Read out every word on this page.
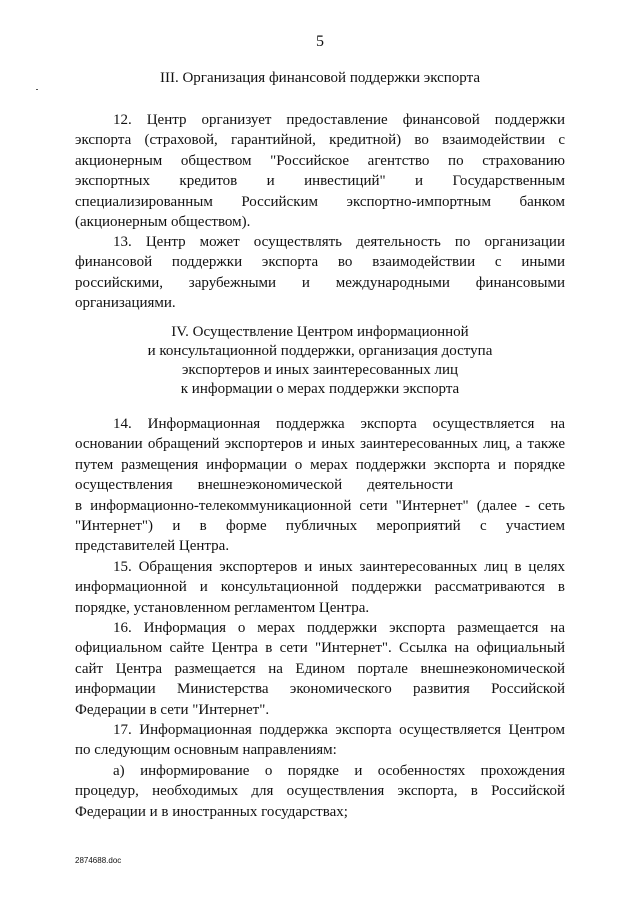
5
III. Организация финансовой поддержки экспорта
12. Центр организует предоставление финансовой поддержки
экспорта (страховой, гарантийной, кредитной) во взаимодействии с
акционерным обществом "Российское агентство по страхованию
экспортных кредитов и инвестиций" и Государственным
специализированным Российским экспортно-импортным банком
(акционерным обществом).
13. Центр может осуществлять деятельность по организации
финансовой поддержки экспорта во взаимодействии с иными
российскими, зарубежными и международными финансовыми
организациями.
IV. Осуществление Центром информационной
и консультационной поддержки, организация доступа
экспортеров и иных заинтересованных лиц
к информации о мерах поддержки экспорта
14. Информационная поддержка экспорта осуществляется на
основании обращений экспортеров и иных заинтересованных лиц, а также
путем размещения информации о мерах поддержки экспорта и порядке
осуществления внешнеэкономической деятельности
в информационно-телекоммуникационной сети "Интернет" (далее - сеть
"Интернет") и в форме публичных мероприятий с участием
представителей Центра.
15. Обращения экспортеров и иных заинтересованных лиц в целях
информационной и консультационной поддержки рассматриваются в
порядке, установленном регламентом Центра.
16. Информация о мерах поддержки экспорта размещается на
официальном сайте Центра в сети "Интернет". Ссылка на официальный
сайт Центра размещается на Едином портале внешнеэкономической
информации Министерства экономического развития Российской
Федерации в сети "Интернет".
17. Информационная поддержка экспорта осуществляется Центром
по следующим основным направлениям:
а) информирование о порядке и особенностях прохождения
процедур, необходимых для осуществления экспорта, в Российской
Федерации и в иностранных государствах;
2874688.doc
